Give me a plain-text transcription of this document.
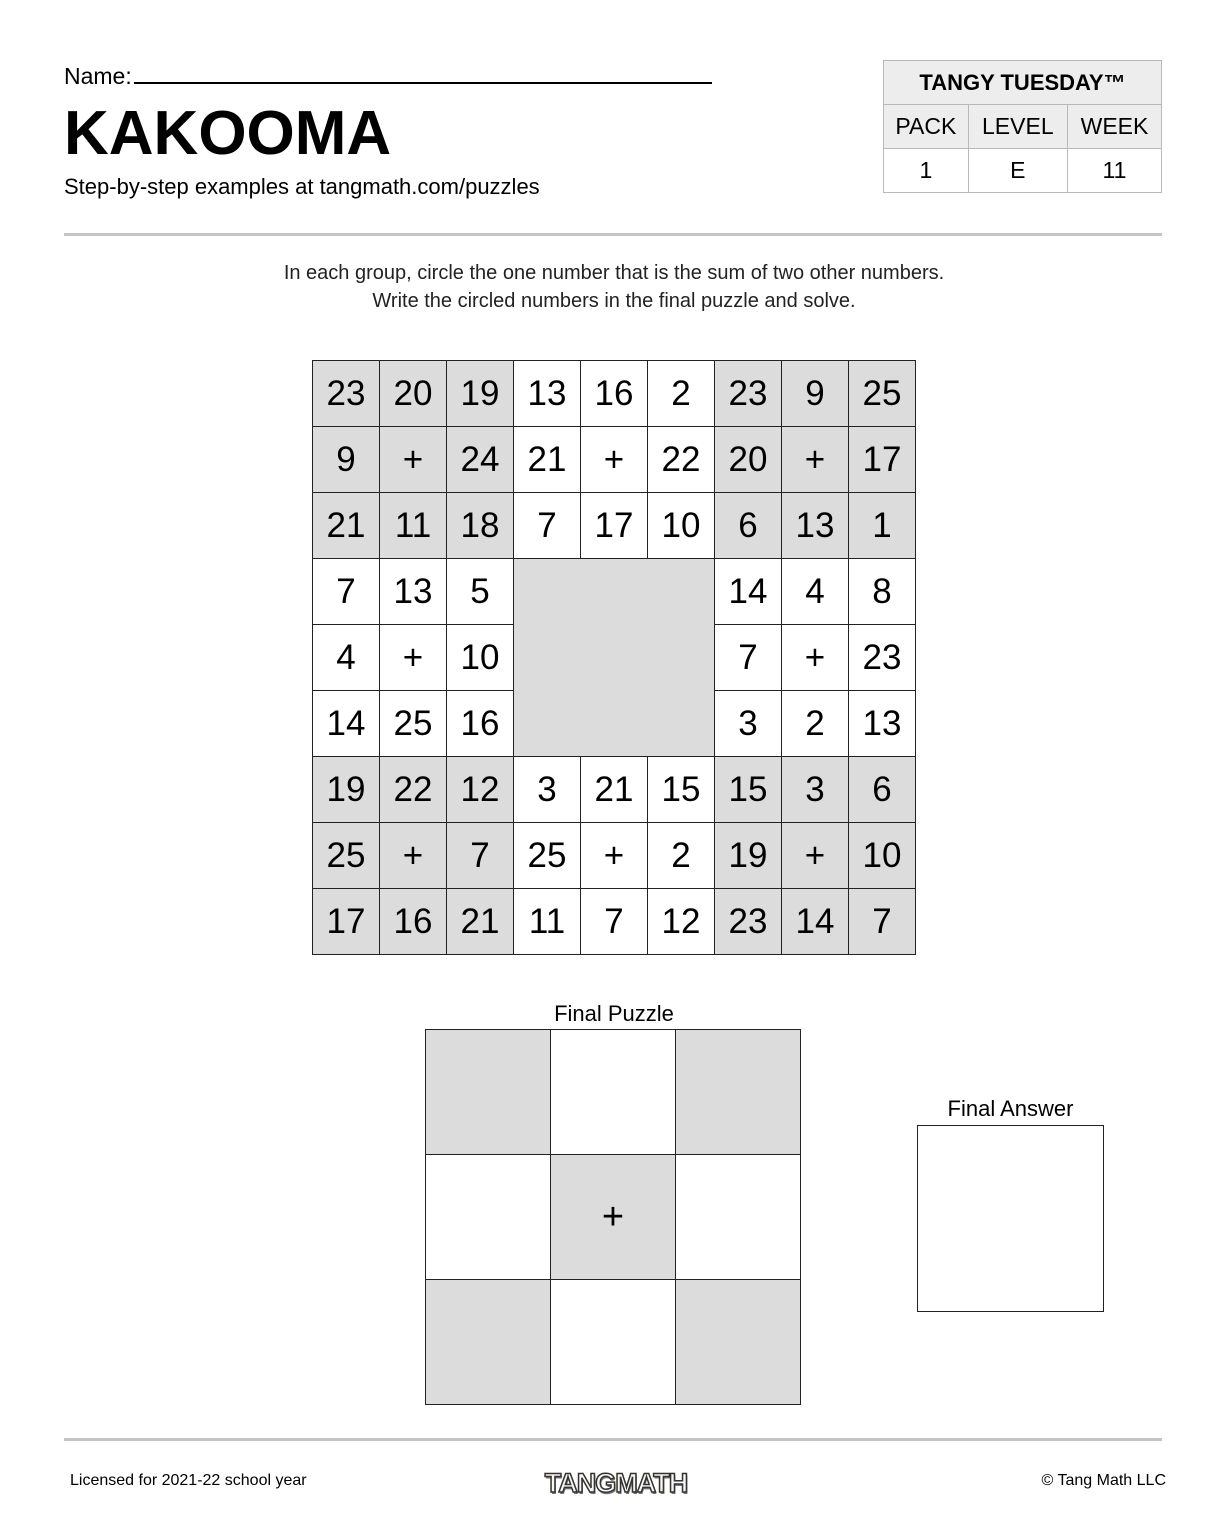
Name:
KAKOOMA
Step-by-step examples at tangmath.com/puzzles
TANGY TUESDAY™		
PACK	LEVEL	WEEK
1	E	11
In each group, circle the one number that is the sum of two other numbers.
Write the circled numbers in the final puzzle and solve.
23	20	19	13	16	2	23	9	25
9	+	24	21	+	22	20	+	17
21	11	18	7	17	10	6	13	1
7	13	5				14	4	8
4	+	10				7	+	23
14	25	16				3	2	13
19	22	12	3	21	15	15	3	6
25	+	7	25	+	2	19	+	10
17	16	21	11	7	12	23	14	7
Final Puzzle

	+	

Final Answer
Licensed for 2021-22 school year	TANGMATH	© Tang Math LLC
